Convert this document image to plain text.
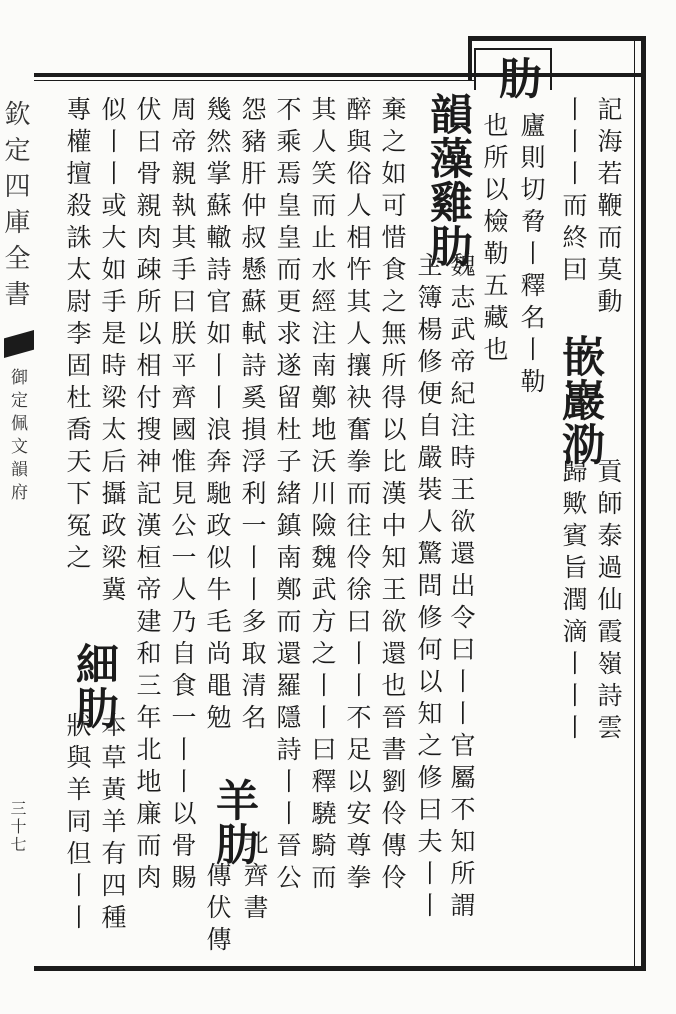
欽定四庫全書
御定佩文韻府
三十七
記海若鞭而莫動
丨丨丨而終囙
嵌巖泐
貢師泰過仙霞嶺詩雲
歸歟賓旨潤滴丨丨丨
肋
廬則切脅丨釋名丨勒
也所以檢勒五藏也
韻藻雞肋
魏志武帝紀注時王欲還出令曰丨丨官屬不知所謂
主簿楊修便自嚴裝人驚問修何以知之修曰夫丨丨
棄之如可惜食之無所得以比漢中知王欲還也晉書劉伶傳伶
醉與俗人相忤其人攘袂奮拳而往伶徐曰丨丨不足以安尊拳
其人笑而止水經注南鄭地沃川險魏武方之丨丨曰釋驍騎而
不乘焉皇皇而更求遂留杜子緒鎮南鄭而還羅隱詩丨丨晉公
怨豬肝仲叔懸蘇軾詩奚損浮利一丨丨多取清名
幾然掌蘇轍詩官如丨丨浪奔馳政似牛毛尚黽勉
羊肋
北齊書
傳伏傳
周帝親執其手曰朕平齊國惟見公一人乃自食一丨丨以骨賜
伏曰骨親肉疎所以相付搜神記漢桓帝建和三年北地廉而肉
似丨丨或大如手是時梁太后攝政梁冀
專權擅殺誅太尉李固杜喬天下冤之
細肋
本草黃羊有四種
狀與羊同但丨丨
